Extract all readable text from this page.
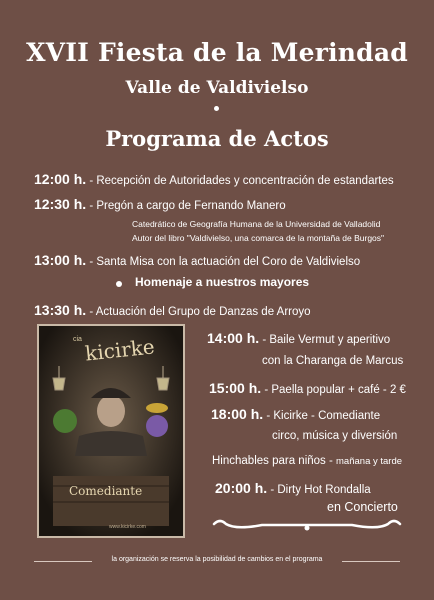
XVII Fiesta de la Merindad
Valle de Valdivielso
Programa de Actos
12:00 h. - Recepción de Autoridades y concentración de estandartes
12:30 h. - Pregón a cargo de Fernando Manero
Catedrático de Geografía Humana de la Universidad de Valladolid
Autor del libro "Valdivielso, una comarca de la montaña de Burgos"
13:00 h. - Santa Misa con la actuación del Coro de Valdivielso
Homenaje a nuestros mayores
13:30 h. - Actuación del Grupo de Danzas de Arroyo
14:00 h. - Baile Vermut y aperitivo
con la Charanga de Marcus
15:00 h. - Paella popular + café - 2 €
18:00 h. - Kicirke - Comediante
circo, música y diversión
Hinchables para niños - mañana y tarde
20:00 h. - Dirty Hot Rondalla
en Concierto
cia kicirke
Comediante
www.kicirke.com
la organización se reserva la posibilidad de cambios en el programa
